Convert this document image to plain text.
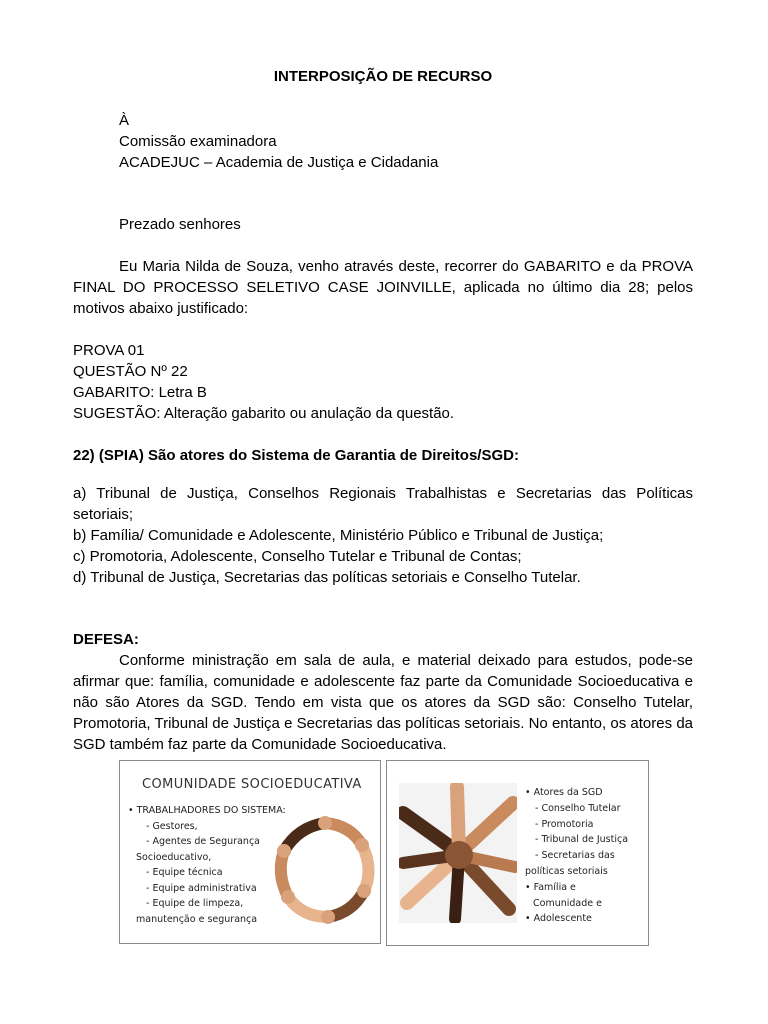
INTERPOSIÇÃO DE RECURSO

À

Comissão examinadora

ACADEJUC – Academia de Justiça e Cidadania

Prezado senhores
Eu Maria Nilda de Souza, venho através deste, recorrer do GABARITO e da PROVA FINAL DO PROCESSO SELETIVO CASE JOINVILLE, aplicada no último dia 28; pelos motivos abaixo justificado:

PROVA 01

QUESTÃO Nº 22

GABARITO: Letra B

SUGESTÃO: Alteração gabarito ou anulação da questão.

22) (SPIA) São atores do Sistema de Garantia de Direitos/SGD:

a) Tribunal de Justiça, Conselhos Regionais Trabalhistas e Secretarias das Políticas setoriais;

b) Família/ Comunidade e Adolescente, Ministério Público e Tribunal de Justiça;

c) Promotoria, Adolescente, Conselho Tutelar e Tribunal de Contas;

d) Tribunal de Justiça, Secretarias das políticas setoriais e Conselho Tutelar.

DEFESA:
Conforme ministração em sala de aula, e material deixado para estudos, pode-se afirmar que: família, comunidade e adolescente faz parte da Comunidade Socioeducativa e não são Atores da SGD. Tendo em vista que os atores da SGD são: Conselho Tutelar, Promotoria, Tribunal de Justiça e Secretarias das políticas setoriais. No entanto, os atores da SGD também faz parte da Comunidade Socioeducativa.
COMUNIDADE SOCIOEDUCATIVA
• TRABALHADORES DO SISTEMA:
- Gestores,
- Agentes de Segurança
Socioeducativo,
- Equipe técnica
- Equipe administrativa
- Equipe de limpeza,
manutenção e segurança
• Atores da SGD
- Conselho Tutelar
- Promotoria
- Tribunal de Justiça
- Secretarias das
políticas setoriais
• Família e
Comunidade e
• Adolescente
